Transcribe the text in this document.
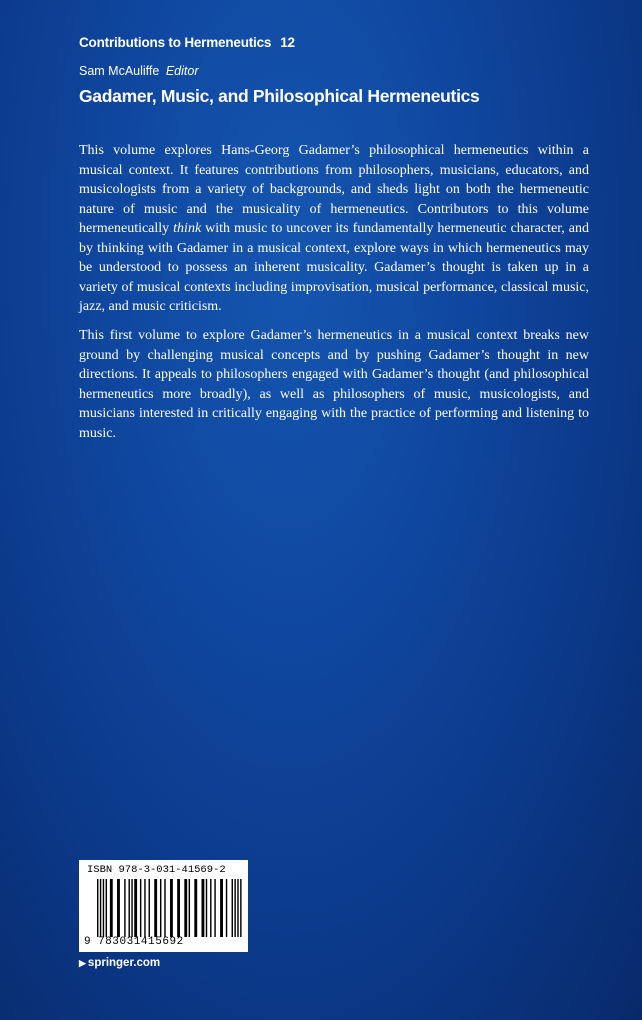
Contributions to Hermeneutics 12
Sam McAuliffe Editor
Gadamer, Music, and Philosophical Hermeneutics

This volume explores Hans-Georg Gadamer’s philosophical hermeneutics within a musical context. It features contributions from philosophers, musicians, educators, and musicologists from a variety of backgrounds, and sheds light on both the hermeneutic nature of music and the musicality of hermeneutics. Contributors to this volume hermeneutically think with music to uncover its fundamentally hermeneutic character, and by thinking with Gadamer in a musical context, explore ways in which hermeneutics may be understood to possess an inherent musicality. Gadamer’s thought is taken up in a variety of musical contexts including improvisation, musical performance, classical music, jazz, and music criticism.

This first volume to explore Gadamer’s hermeneutics in a musical context breaks new ground by challenging musical concepts and by pushing Gadamer’s thought in new directions. It appeals to philosophers engaged with Gadamer’s thought (and philosophical hermeneutics more broadly), as well as philosophers of music, musicologists, and musicians interested in critically engaging with the practice of performing and listening to music.

ISBN 978-3-031-41569-2
9 783031415692
▶ springer.com
